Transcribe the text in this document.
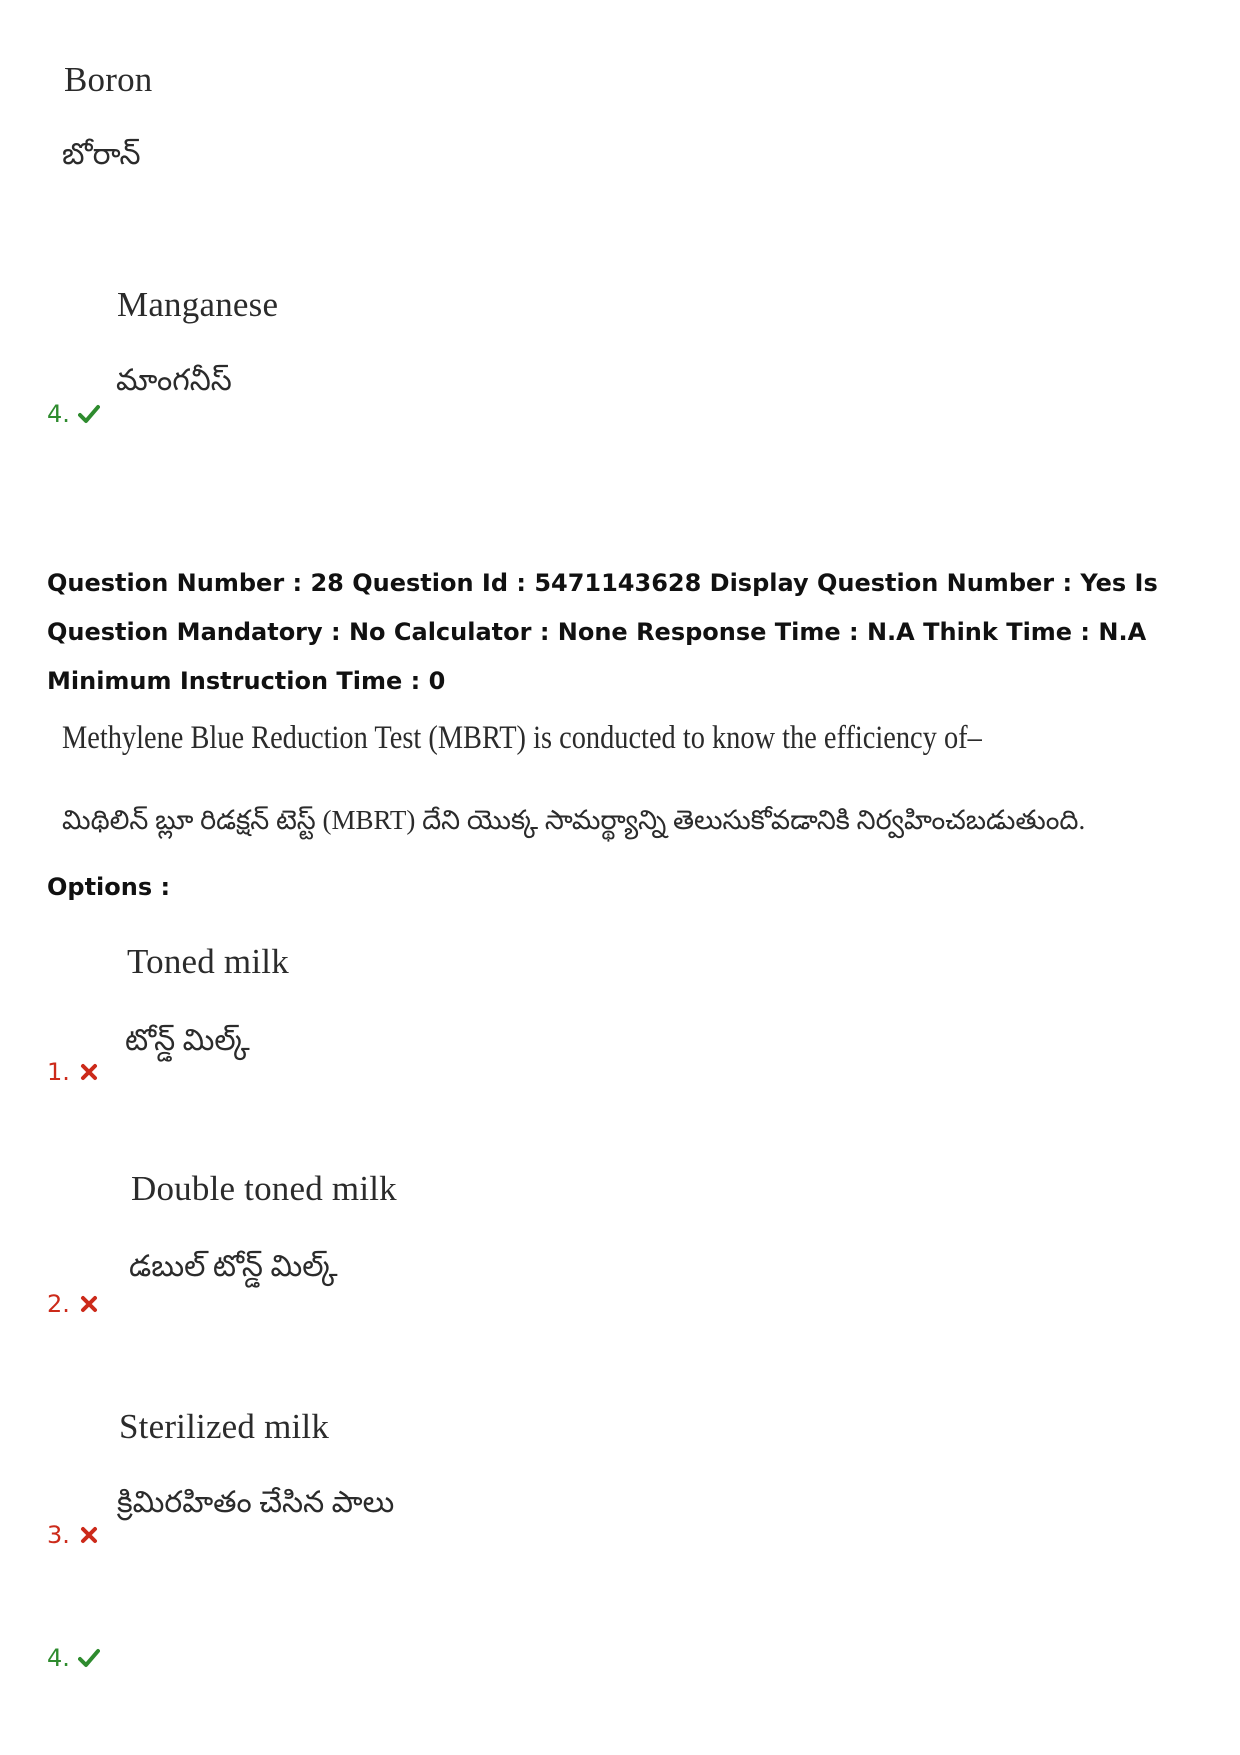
Boron
బోరాన్
Manganese
మాంగనీస్
4.
Question Number : 28 Question Id : 5471143628 Display Question Number : Yes Is Question Mandatory : No Calculator : None Response Time : N.A Think Time : N.A Minimum Instruction Time : 0
Methylene Blue Reduction Test (MBRT) is conducted to know the efficiency of–
మిథిలిన్ బ్లూ రిడక్షన్ టెస్ట్ (MBRT) దేని యొక్క సామర్థ్యాన్ని తెలుసుకోవడానికి నిర్వహించబడుతుంది.
Options :
Toned milk
టోన్డ్ మిల్క్
1.
Double toned milk
డబుల్ టోన్డ్ మిల్క్
2.
Sterilized milk
క్రిమిరహితం చేసిన పాలు
3.
4.
